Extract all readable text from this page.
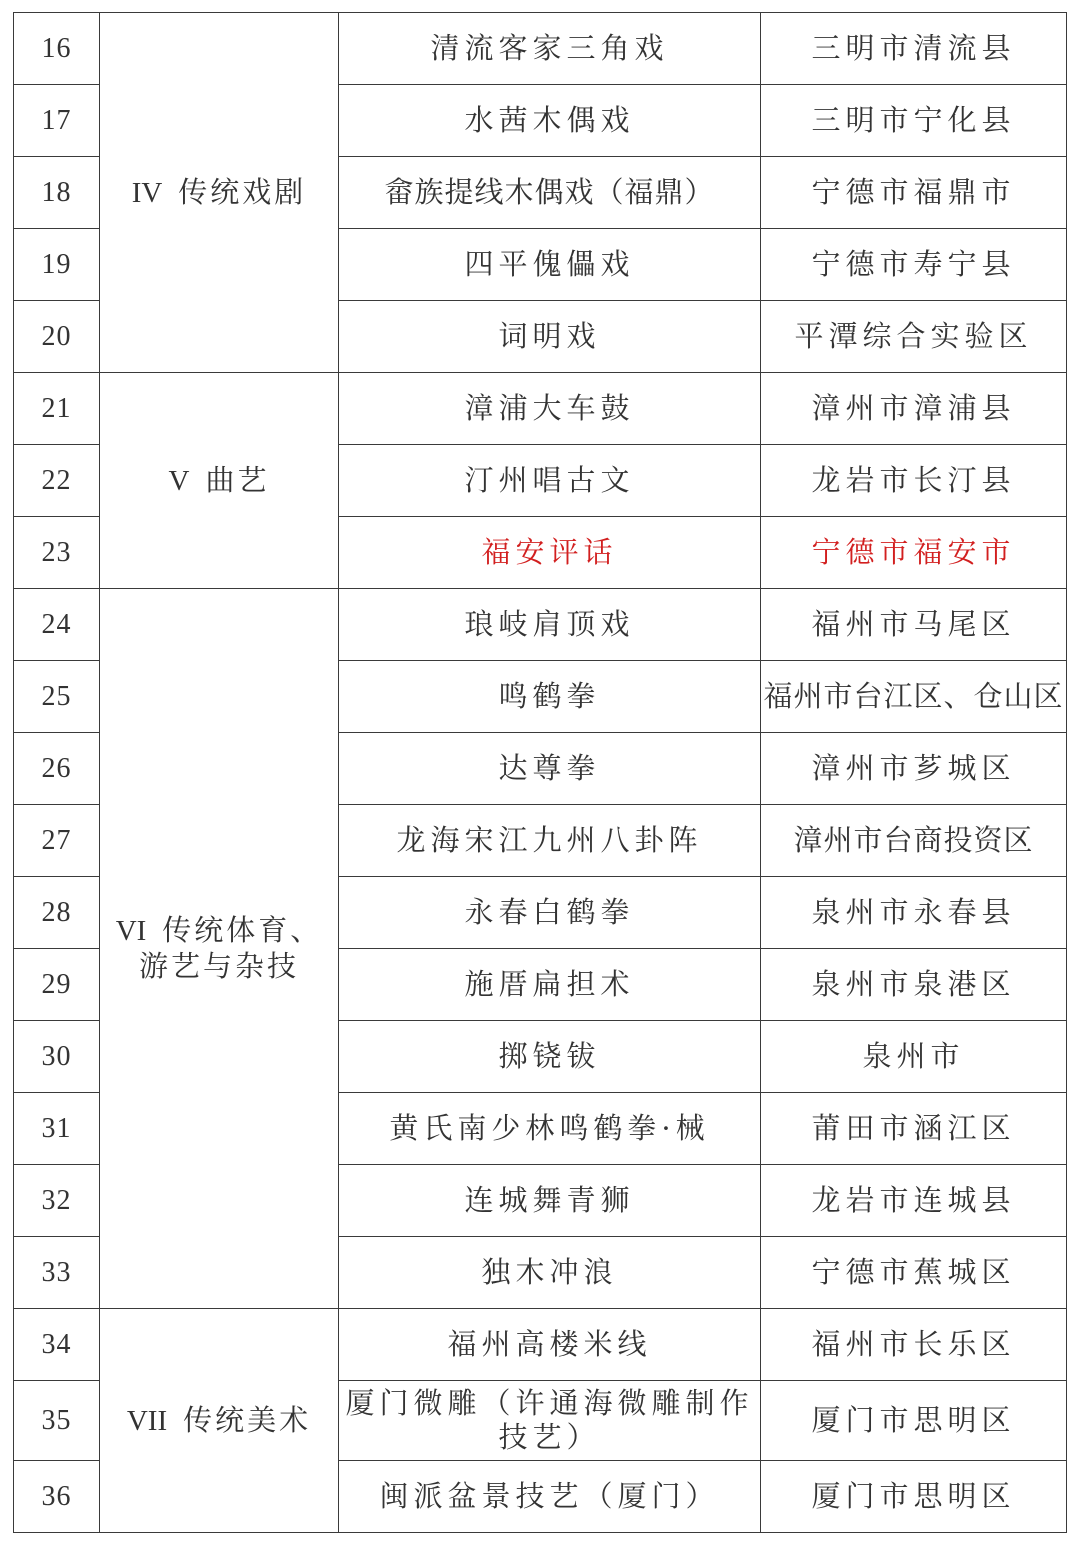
16	IV 传统戏剧	清流客家三角戏	三明市清流县
17		水茜木偶戏	三明市宁化县
18		畲族提线木偶戏（福鼎）	宁德市福鼎市
19		四平傀儡戏	宁德市寿宁县
20		词明戏	平潭综合实验区
21	V 曲艺	漳浦大车鼓	漳州市漳浦县
22		汀州唱古文	龙岩市长汀县
23		福安评话	宁德市福安市
24	VI 传统体育、游艺与杂技	琅岐肩顶戏	福州市马尾区
25		鸣鹤拳	福州市台江区、仓山区
26		达尊拳	漳州市芗城区
27		龙海宋江九州八卦阵	漳州市台商投资区
28		永春白鹤拳	泉州市永春县
29		施厝扁担术	泉州市泉港区
30		掷铙钹	泉州市
31		黄氏南少林鸣鹤拳·械	莆田市涵江区
32		连城舞青狮	龙岩市连城县
33		独木冲浪	宁德市蕉城区
34	VII 传统美术	福州高楼米线	福州市长乐区
35		厦门微雕（许通海微雕制作技艺）	厦门市思明区
36		闽派盆景技艺（厦门）	厦门市思明区
